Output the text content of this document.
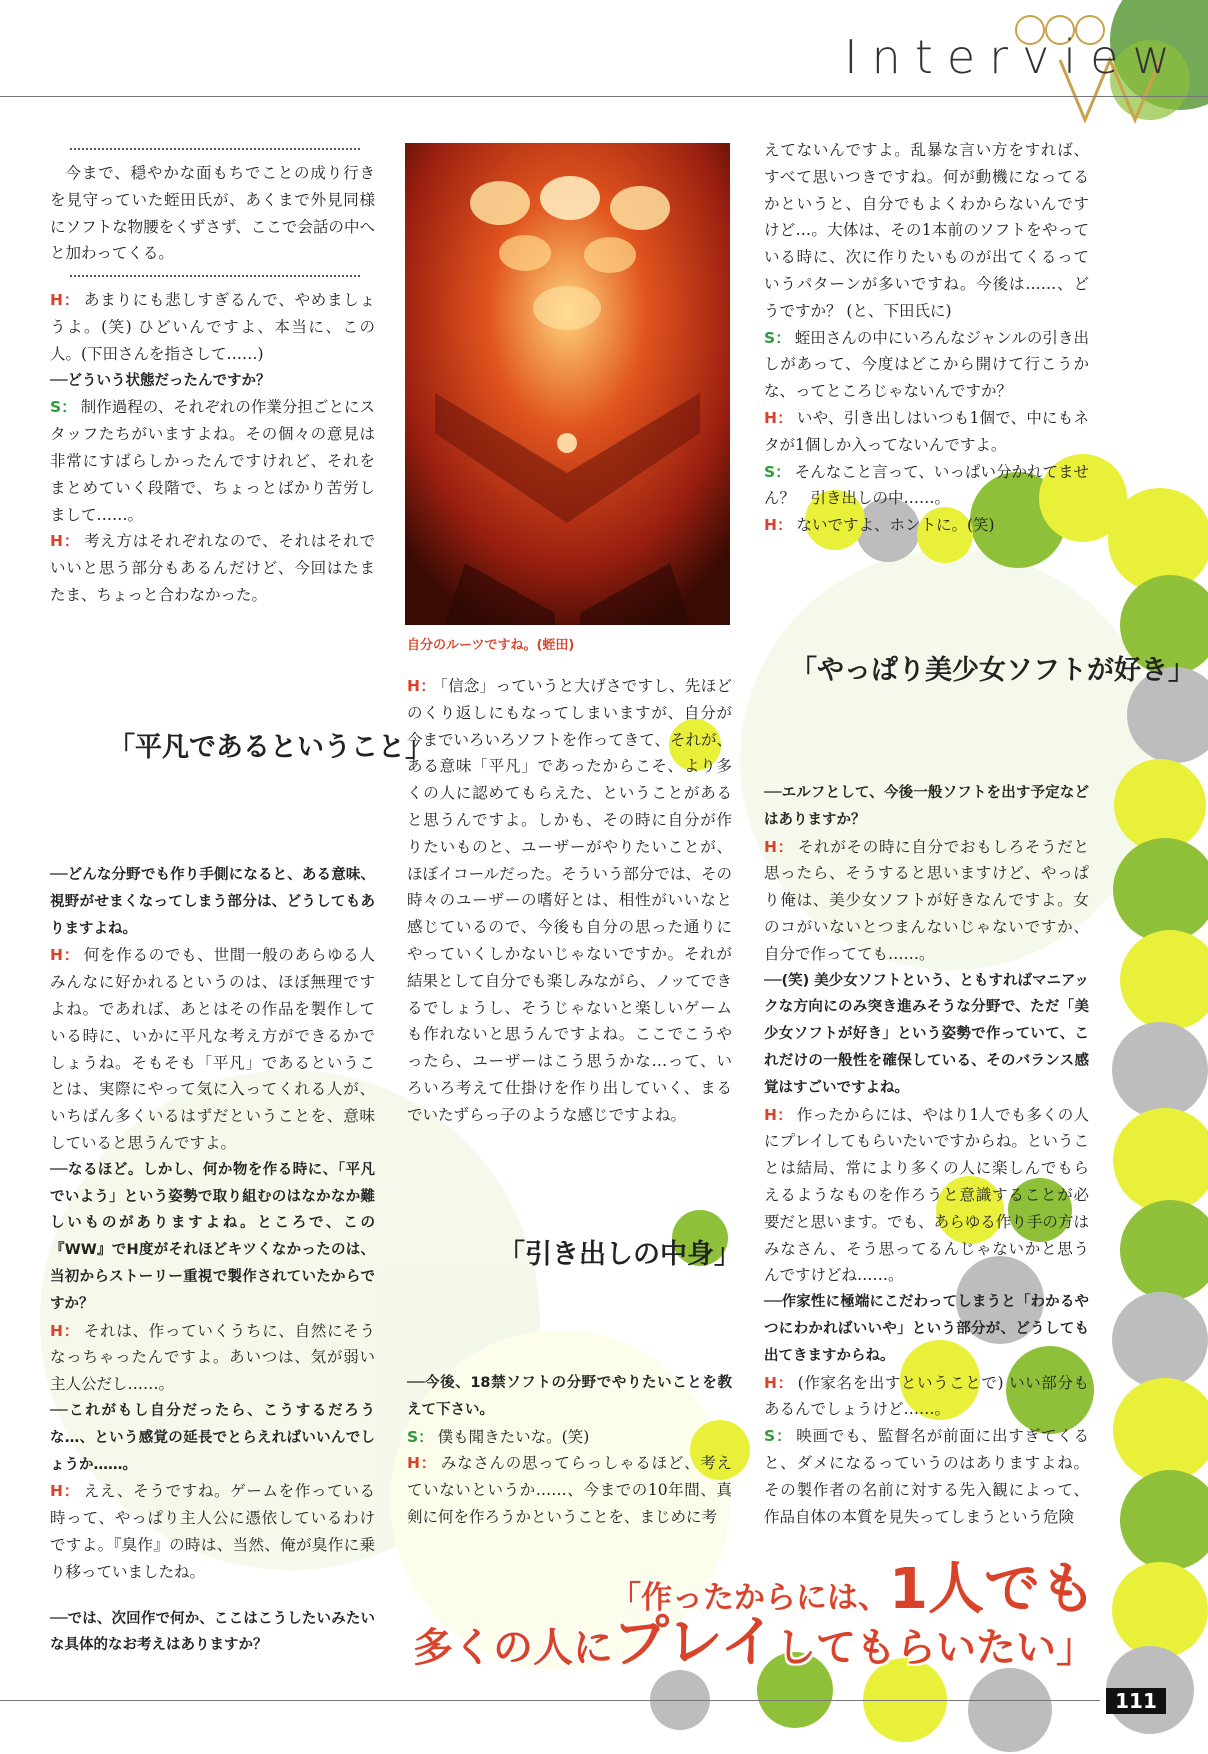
Interview

今まで、穏やかな面もちでことの成り行きを見守っていた蛭田氏が、あくまで外見同様にソフトな物腰をくずさず、ここで会話の中へと加わってくる。

H： あまりにも悲しすぎるんで、やめましょうよ。(笑) ひどいんですよ、本当に、この人。(下田さんを指さして……)

──どういう状態だったんですか？

S： 制作過程の、それぞれの作業分担ごとにスタッフたちがいますよね。その個々の意見は非常にすばらしかったんですけれど、それをまとめていく段階で、ちょっとばかり苦労しまして……。

H： 考え方はそれぞれなので、それはそれでいいと思う部分もあるんだけど、今回はたまたま、ちょっと合わなかった。

「平凡であるということ」

──どんな分野でも作り手側になると、ある意味、視野がせまくなってしまう部分は、どうしてもありますよね。

H： 何を作るのでも、世間一般のあらゆる人みんなに好かれるというのは、ほぼ無理ですよね。であれば、あとはその作品を製作している時に、いかに平凡な考え方ができるかでしょうね。そもそも「平凡」であるということは、実際にやって気に入ってくれる人が、いちばん多くいるはずだということを、意味していると思うんですよ。

──なるほど。しかし、何か物を作る時に、「平凡でいよう」という姿勢で取り組むのはなかなか難しいものがありますよね。ところで、この『WW』でH度がそれほどキツくなかったのは、当初からストーリー重視で製作されていたからですか？

H： それは、作っていくうちに、自然にそうなっちゃったんですよ。あいつは、気が弱い主人公だし……。

──これがもし自分だったら、こうするだろうな…、という感覚の延長でとらえればいいんでしょうか……。

H： ええ、そうですね。ゲームを作っている時って、やっぱり主人公に憑依しているわけですよ。『臭作』の時は、当然、俺が臭作に乗り移っていましたね。

──では、次回作で何か、ここはこうしたいみたいな具体的なお考えはありますか？

自分のルーツですね。(蛭田)

H： 「信念」っていうと大げさですし、先ほどのくり返しにもなってしまいますが、自分が今までいろいろソフトを作ってきて、それが、ある意味「平凡」であったからこそ、より多くの人に認めてもらえた、ということがあると思うんですよ。しかも、その時に自分が作りたいものと、ユーザーがやりたいことが、ほぼイコールだった。そういう部分では、その時々のユーザーの嗜好とは、相性がいいなと感じているので、今後も自分の思った通りにやっていくしかないじゃないですか。それが結果として自分でも楽しみながら、ノッてできるでしょうし、そうじゃないと楽しいゲームも作れないと思うんですよね。ここでこうやったら、ユーザーはこう思うかな…って、いろいろ考えて仕掛けを作り出していく、まるでいたずらっ子のような感じですよね。

「引き出しの中身」

──今後、18禁ソフトの分野でやりたいことを教えて下さい。

S： 僕も聞きたいな。(笑)

H： みなさんの思ってらっしゃるほど、考えていないというか……、今までの10年間、真剣に何を作ろうかということを、まじめに考

えてないんですよ。乱暴な言い方をすれば、すべて思いつきですね。何が動機になってるかというと、自分でもよくわからないんですけど…。大体は、その1本前のソフトをやっている時に、次に作りたいものが出てくるっていうパターンが多いですね。今後は……、どうですか？ (と、下田氏に)

S： 蛭田さんの中にいろんなジャンルの引き出しがあって、今度はどこから開けて行こうかな、ってところじゃないんですか？

H： いや、引き出しはいつも1個で、中にもネタが1個しか入ってないんですよ。

S： そんなこと言って、いっぱい分かれてません？　引き出しの中……。

H： ないですよ、ホントに。(笑)

「やっぱり美少女ソフトが好き」

──エルフとして、今後一般ソフトを出す予定などはありますか？

H： それがその時に自分でおもしろそうだと思ったら、そうすると思いますけど、やっぱり俺は、美少女ソフトが好きなんですよ。女のコがいないとつまんないじゃないですか、自分で作ってても……。

──(笑) 美少女ソフトという、ともすればマニアックな方向にのみ突き進みそうな分野で、ただ「美少女ソフトが好き」という姿勢で作っていて、これだけの一般性を確保している、そのバランス感覚はすごいですよね。

H： 作ったからには、やはり1人でも多くの人にプレイしてもらいたいですからね。ということは結局、常により多くの人に楽しんでもらえるようなものを作ろうと意識することが必要だと思います。でも、あらゆる作り手の方はみなさん、そう思ってるんじゃないかと思うんですけどね……。

──作家性に極端にこだわってしまうと「わかるやつにわかればいいや」という部分が、どうしても出てきますからね。

H： (作家名を出すということで) いい部分もあるんでしょうけど……。

S： 映画でも、監督名が前面に出すぎてくると、ダメになるっていうのはありますよね。その製作者の名前に対する先入観によって、作品自体の本質を見失ってしまうという危険

「作ったからには、1人でも
多くの人にプレイしてもらいたい」
111
